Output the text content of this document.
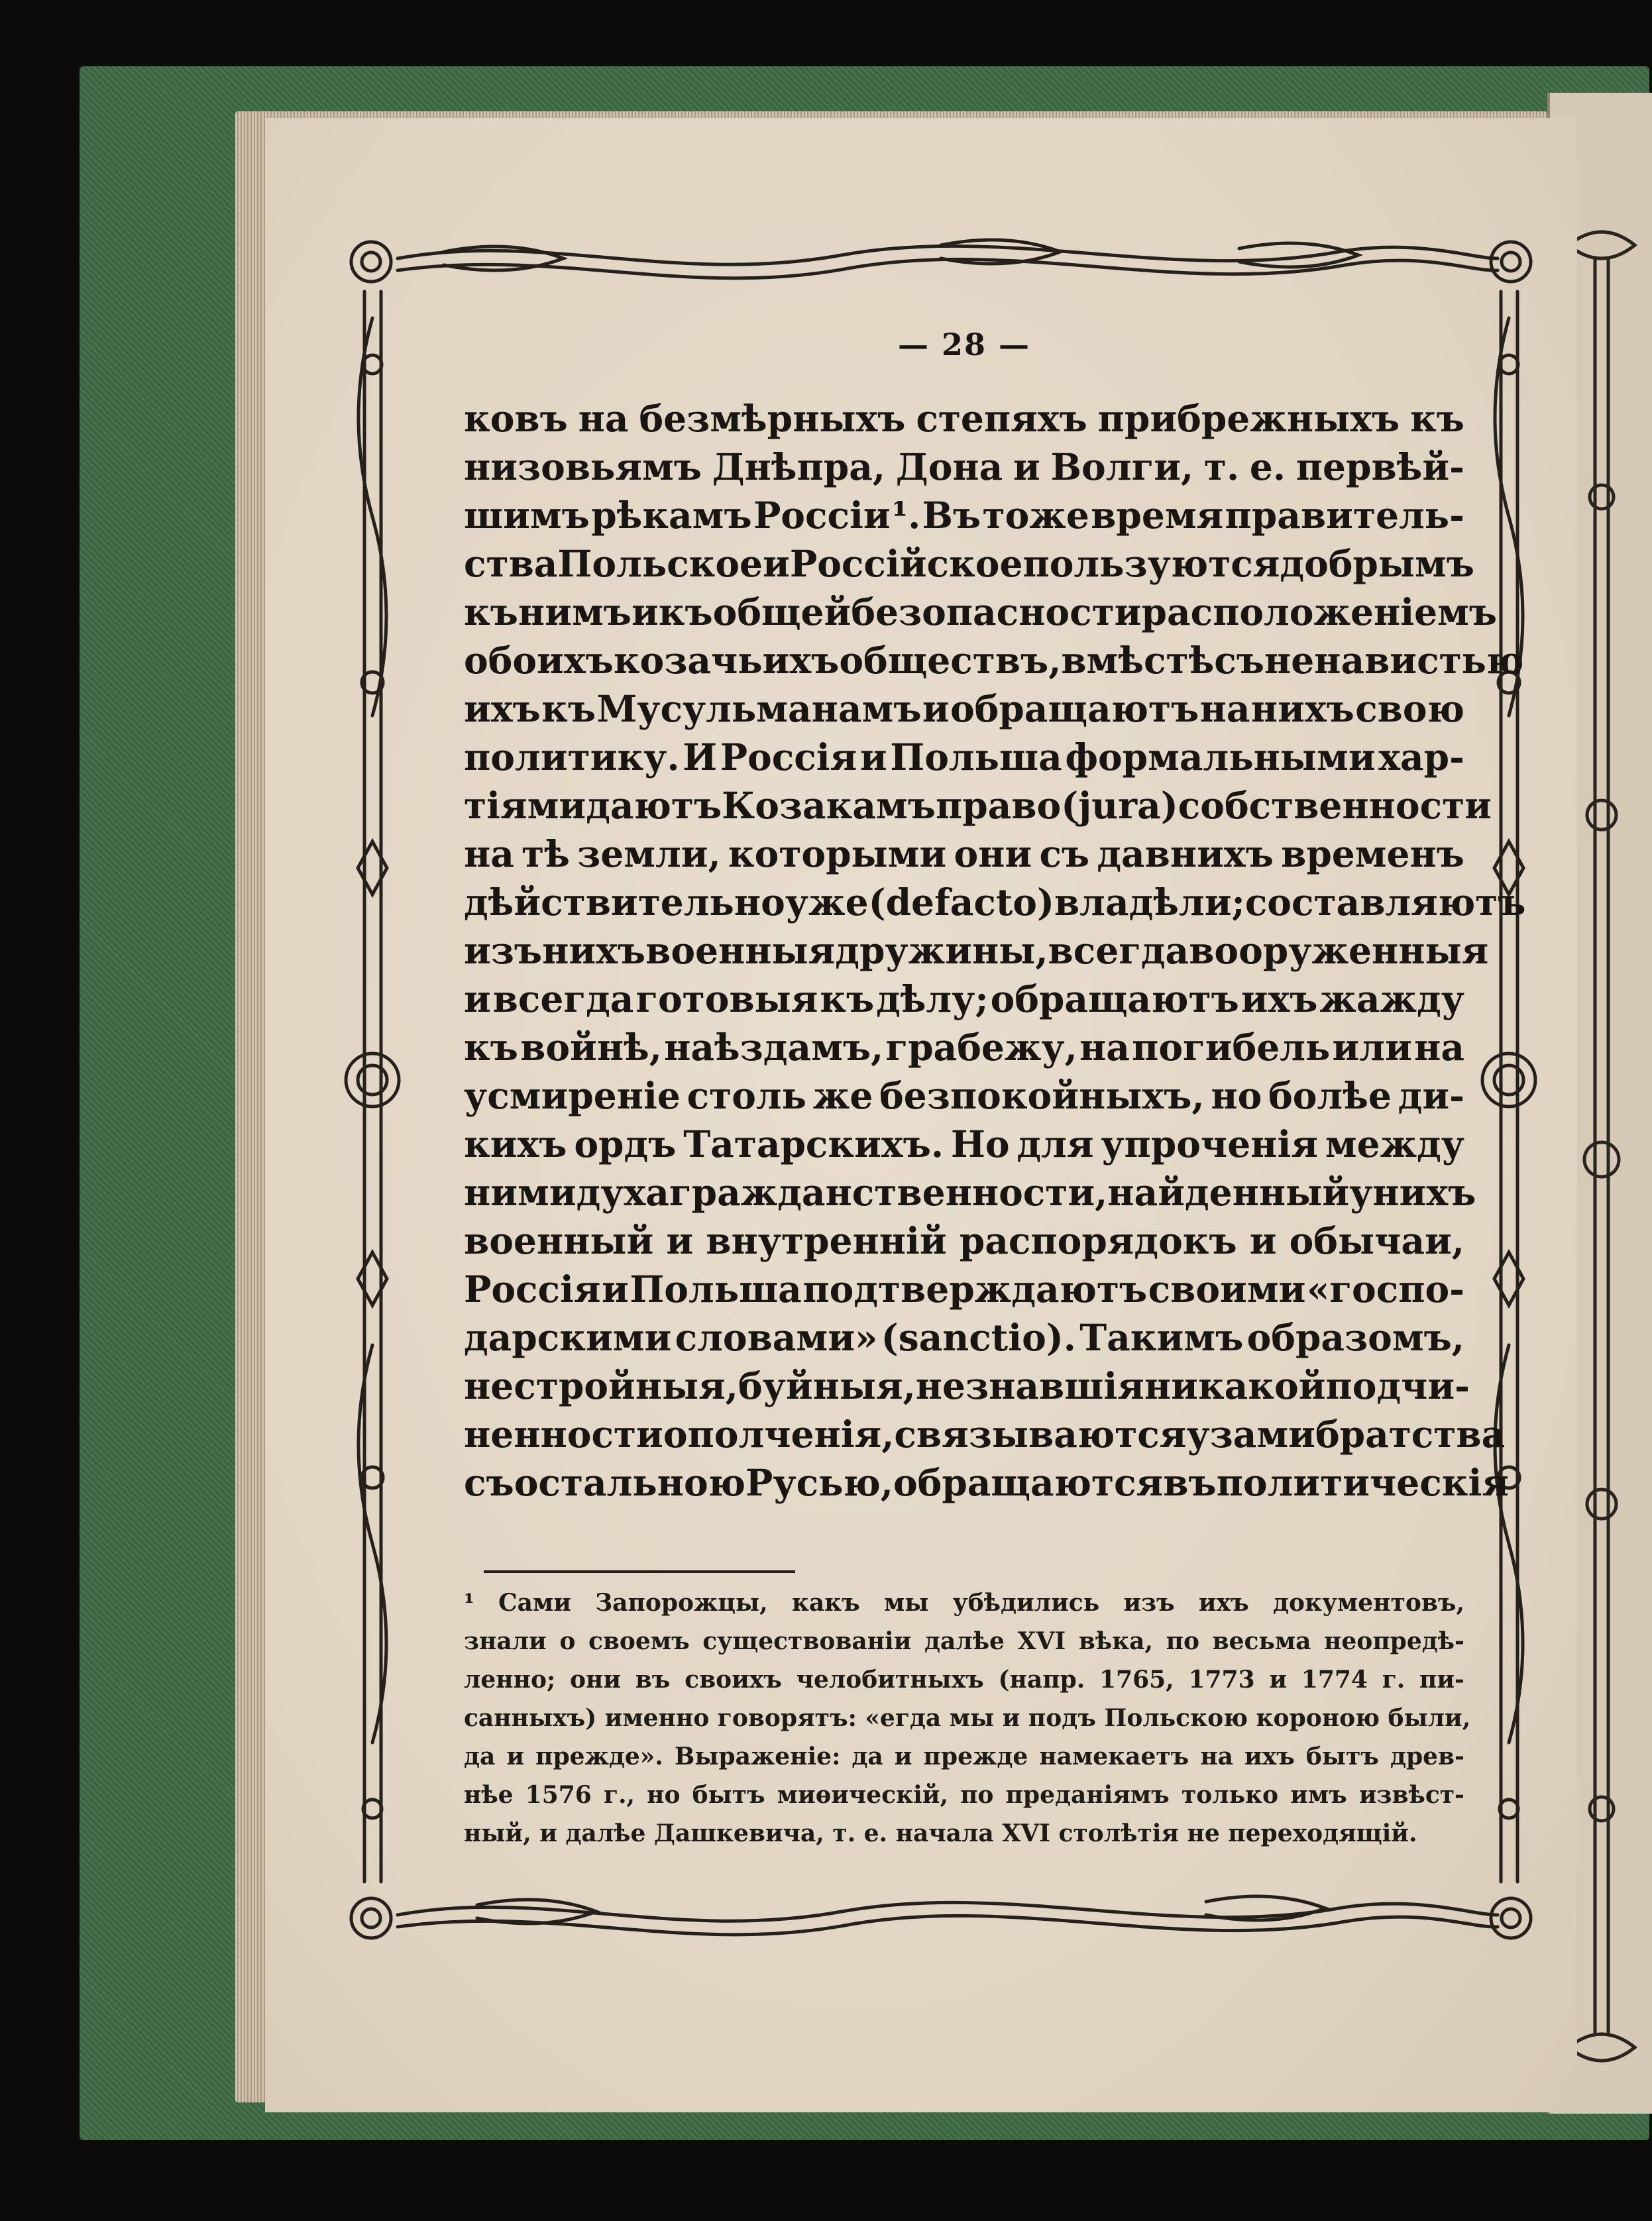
— 28 —
ковъ на безмѣрныхъ степяхъ прибрежныхъ къ
низовьямъ Днѣпра, Дона и Волги, т. е. первѣй-
шимъ рѣкамъ Россіи ¹. Въ тоже время правитель-
ства Польское и Россійское пользуются добрымъ
къ нимъ и къ общей безопасности расположеніемъ
обоихъ козачьихъ обществъ, вмѣстѣ съ ненавистью
ихъ къ Мусульманамъ и обращаютъ на нихъ свою
политику. И Россія и Польша формальными хар-
тіями даютъ Козакамъ право (jura) собственности
на тѣ земли, которыми они съ давнихъ временъ
дѣйствительно уже (de facto) владѣли; составляютъ
изъ нихъ военныя дружины, всегда вооруженныя
и всегда готовыя къ дѣлу; обращаютъ ихъ жажду
къ войнѣ, наѣздамъ, грабежу, на погибель или на
усмиреніе столь же безпокойныхъ, но болѣе ди-
кихъ ордъ Татарскихъ. Но для упроченія между
ними духа гражданственности, найденный у нихъ
военный и внутренній распорядокъ и обычаи,
Россія и Польша подтверждаютъ своими «госпо-
дарскими словами» (sanctio). Такимъ образомъ,
нестройныя, буйныя, незнавшія никакой подчи-
ненности ополченія, связываются узами братства
съ остальною Русью, обращаются въ политическія
¹ Сами Запорожцы, какъ мы убѣдились изъ ихъ документовъ,
знали о своемъ существованіи далѣе XVI вѣка, по весьма неопредѣ-
ленно; они въ своихъ челобитныхъ (напр. 1765, 1773 и 1774 г. пи-
санныхъ) именно говорятъ: «егда мы и подъ Польскою короною были,
да и прежде». Выраженіе: да и прежде намекаетъ на ихъ бытъ древ-
нѣе 1576 г., но бытъ миѳическій, по преданіямъ только имъ извѣст-
ный, и далѣе Дашкевича, т. е. начала XVI столѣтія не переходящій.
